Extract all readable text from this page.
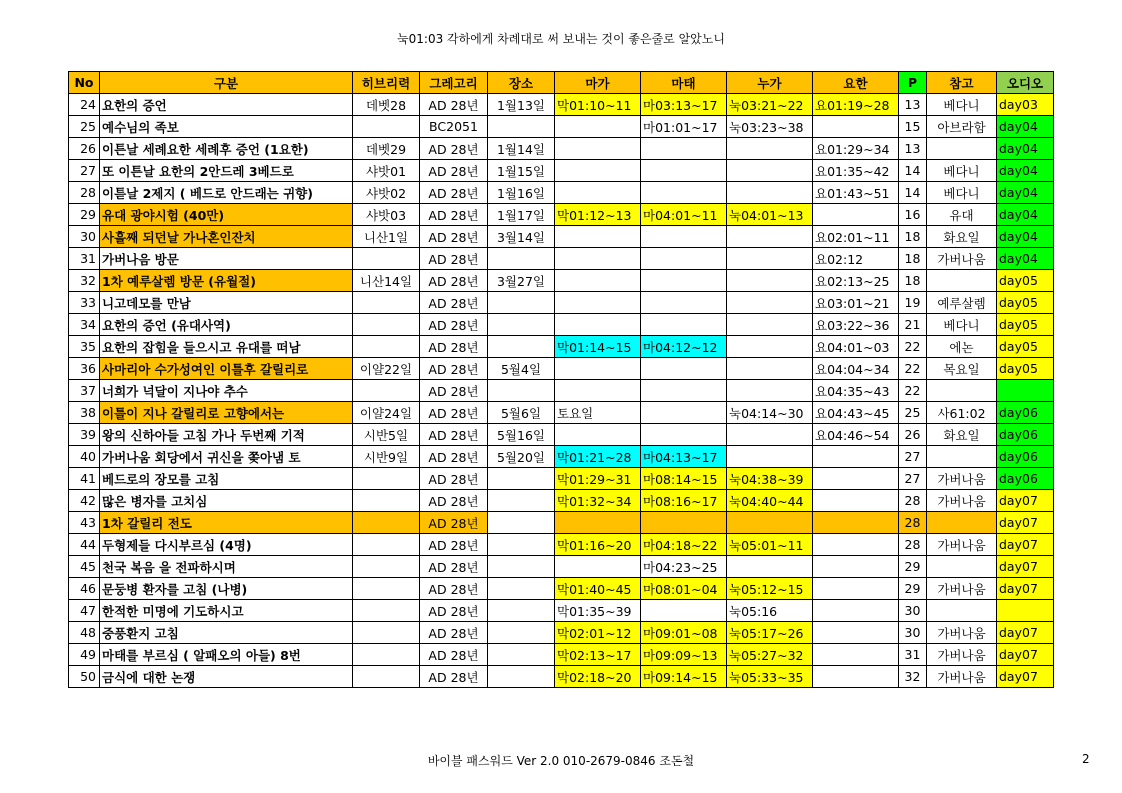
눅01:03 각하에게 차례대로 써 보내는 것이 좋은줄로 알았노니
No	구분	히브리력	그레고리	장소	마가	마태	누가	요한	P	참고	오디오
24	요한의 증언	데벳28	AD 28년	1월13일	막01:10~11	마03:13~17	눅03:21~22	요01:19~28	13	베다니	day03
25	예수님의 족보		BC2051			마01:01~17	눅03:23~38		15	아브라함	day04
26	이튼날 세례요한 세례후 증언 (1요한)	데벳29	AD 28년	1월14일				요01:29~34	13		day04
27	또 이튼날 요한의 2안드레 3베드로	샤밧01	AD 28년	1월15일				요01:35~42	14	베다니	day04
28	이튿날 2제지 ( 베드로 안드래는 귀향)	샤밧02	AD 28년	1월16일				요01:43~51	14	베다니	day04
29	유대 광야시험 (40만)	샤밧03	AD 28년	1월17일	막01:12~13	마04:01~11	눅04:01~13		16	유대	day04
30	사흘째 되던날 가나혼인잔치	니산1일	AD 28년	3월14일				요02:01~11	18	화요일	day04
31	가버나음 방문		AD 28년					요02:12	18	가버나움	day04
32	1차 예루살렘 방문 (유월절)	니산14일	AD 28년	3월27일				요02:13~25	18		day05
33	니고데모를 만남		AD 28년					요03:01~21	19	예루살렘	day05
34	요한의 증언 (유대사역)		AD 28년					요03:22~36	21	베다니	day05
35	요한의 잡힘을 들으시고 유대를 떠남		AD 28년		막01:14~15	마04:12~12		요04:01~03	22	에논	day05
36	사마리아 수가성여인 이틀후 갈릴리로	이얄22일	AD 28년	5월4일				요04:04~34	22	목요일	day05
37	너희가 넉달이 지나야 추수		AD 28년					요04:35~43	22		
38	이틀이 지나 갈릴리로 고향에서는	이얄24일	AD 28년	5월6일	토요일		눅04:14~30	요04:43~45	25	사61:02	day06
39	왕의 신하아들 고침 가나 두번째 기적	시반5일	AD 28년	5월16일				요04:46~54	26	화요일	day06
40	가버나움 회당에서 귀신을 쫒아냄 토	시반9일	AD 28년	5월20일	막01:21~28	마04:13~17			27		day06
41	베드로의 장모를 고침		AD 28년		막01:29~31	마08:14~15	눅04:38~39		27	가버나움	day06
42	많은 병자를 고치심		AD 28년		막01:32~34	마08:16~17	눅04:40~44		28	가버나움	day07
43	1차 갈릴리 전도		AD 28년						28		day07
44	두형제들 다시부르심 (4명)		AD 28년		막01:16~20	마04:18~22	눅05:01~11		28	가버나움	day07
45	천국 복음 을 전파하시며		AD 28년			마04:23~25			29		day07
46	문둥병 환자를 고침 (나병)		AD 28년		막01:40~45	마08:01~04	눅05:12~15		29	가버나움	day07
47	한적한 미명에 기도하시고		AD 28년		막01:35~39		눅05:16		30		
48	중풍환지 고침		AD 28년		막02:01~12	마09:01~08	눅05:17~26		30	가버나움	day07
49	마태를 부르심 ( 알패오의 아들) 8번		AD 28년		막02:13~17	마09:09~13	눅05:27~32		31	가버나움	day07
50	금식에 대한 논쟁		AD 28년		막02:18~20	마09:14~15	눅05:33~35		32	가버나움	day07
바이블 패스워드 Ver 2.0 010-2679-0846 조돈철	2
